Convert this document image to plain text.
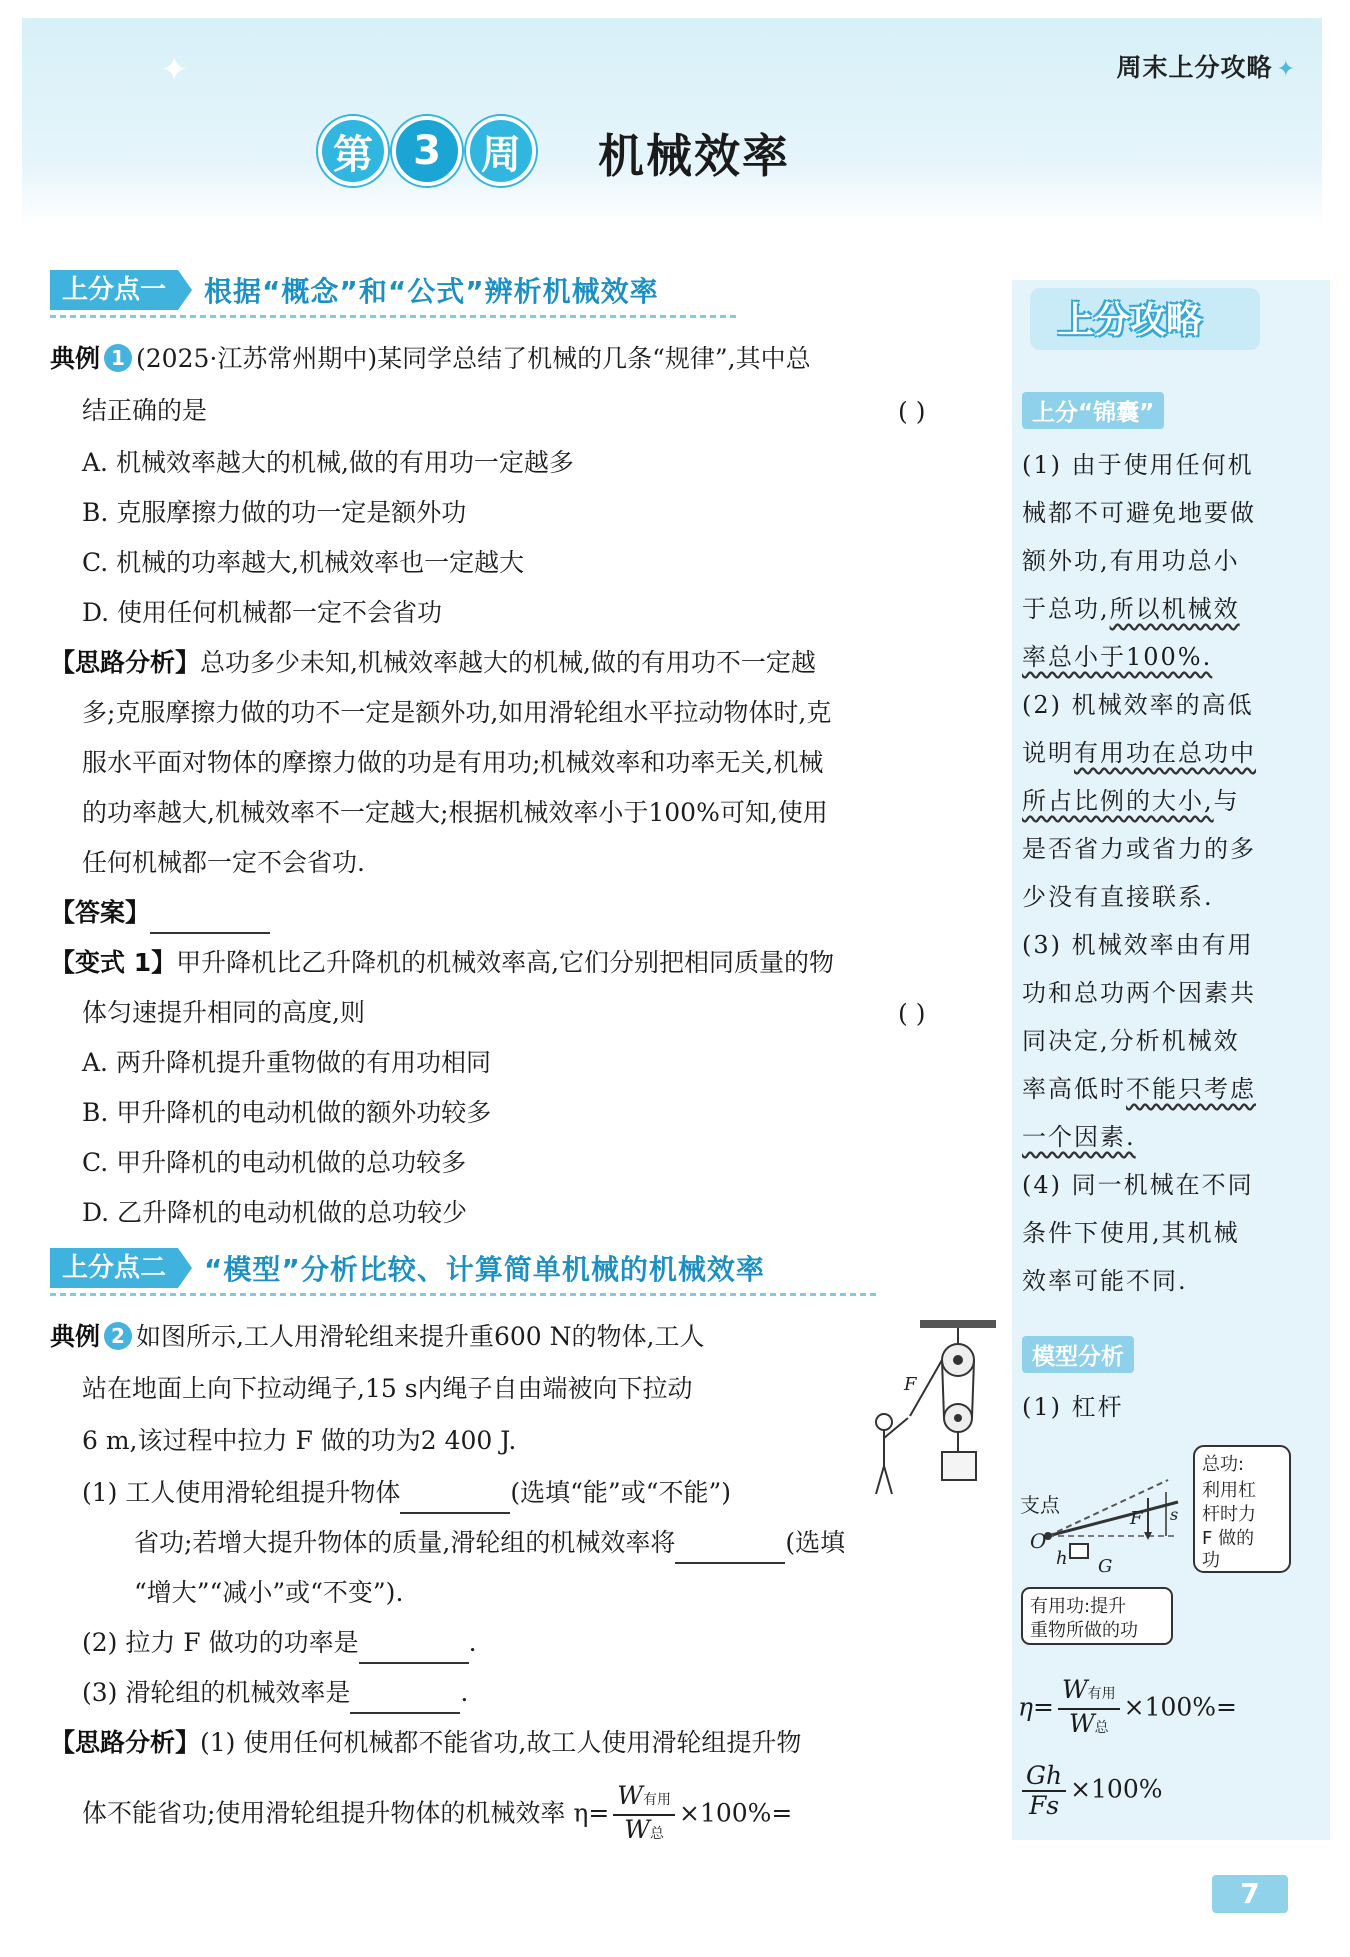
✦	周末上分攻略 ✦
第	3	周	机械效率
上分点一	根据“概念”和“公式”辨析机械效率
典例 1 (2025·江苏常州期中)某同学总结了机械的几条“规律”,其中总
结正确的是	( )
A. 机械效率越大的机械,做的有用功一定越多
B. 克服摩擦力做的功一定是额外功
C. 机械的功率越大,机械效率也一定越大
D. 使用任何机械都一定不会省功
【思路分析】总功多少未知,机械效率越大的机械,做的有用功不一定越
多;克服摩擦力做的功不一定是额外功,如用滑轮组水平拉动物体时,克
服水平面对物体的摩擦力做的功是有用功;机械效率和功率无关,机械
的功率越大,机械效率不一定越大;根据机械效率小于100%可知,使用
任何机械都一定不会省功.
【答案】
【变式 1】甲升降机比乙升降机的机械效率高,它们分别把相同质量的物
体匀速提升相同的高度,则	( )
A. 两升降机提升重物做的有用功相同
B. 甲升降机的电动机做的额外功较多
C. 甲升降机的电动机做的总功较多
D. 乙升降机的电动机做的总功较少
上分点二	“模型”分析比较、计算简单机械的机械效率
典例 2 如图所示,工人用滑轮组来提升重600 N的物体,工人
站在地面上向下拉动绳子,15 s内绳子自由端被向下拉动
6 m,该过程中拉力 F 做的功为2 400 J.
F
(1) 工人使用滑轮组提升物体	(选填“能”或“不能”)
省功;若增大提升物体的质量,滑轮组的机械效率将	(选填
“增大”“减小”或“不变”).
(2) 拉力 F 做功的功率是	.
(3) 滑轮组的机械效率是	.
【思路分析】(1) 使用任何机械都不能省功,故工人使用滑轮组提升物
体不能省功;使用滑轮组提升物体的机械效率 $\eta= \frac{\text{W有用}}{\text{W总}} \times 100\%=$
上分攻略
上分“锦囊”
(1) 由于使用任何机
械都不可避免地要做
额外功,有用功总小
于总功,所以机械效
率总小于100%.
(2) 机械效率的高低
说明有用功在总功中
所占比例的大小,与
是否省力或省力的多
少没有直接联系.
(3) 机械效率由有用
功和总功两个因素共
同决定,分析机械效
率高低时不能只考虑
一个因素.
(4) 同一机械在不同
条件下使用,其机械
效率可能不同.
模型分析
(1) 杠杆
支点
O
h G
F s
总功:
利用杠
杆时力
F 做的
功
有用功:提升
重物所做的功
$\eta= \frac{\text{W有用}}{\text{W总}} \times 100\%=$
$\frac{Gh}{Fs} \times 100\%$
7
